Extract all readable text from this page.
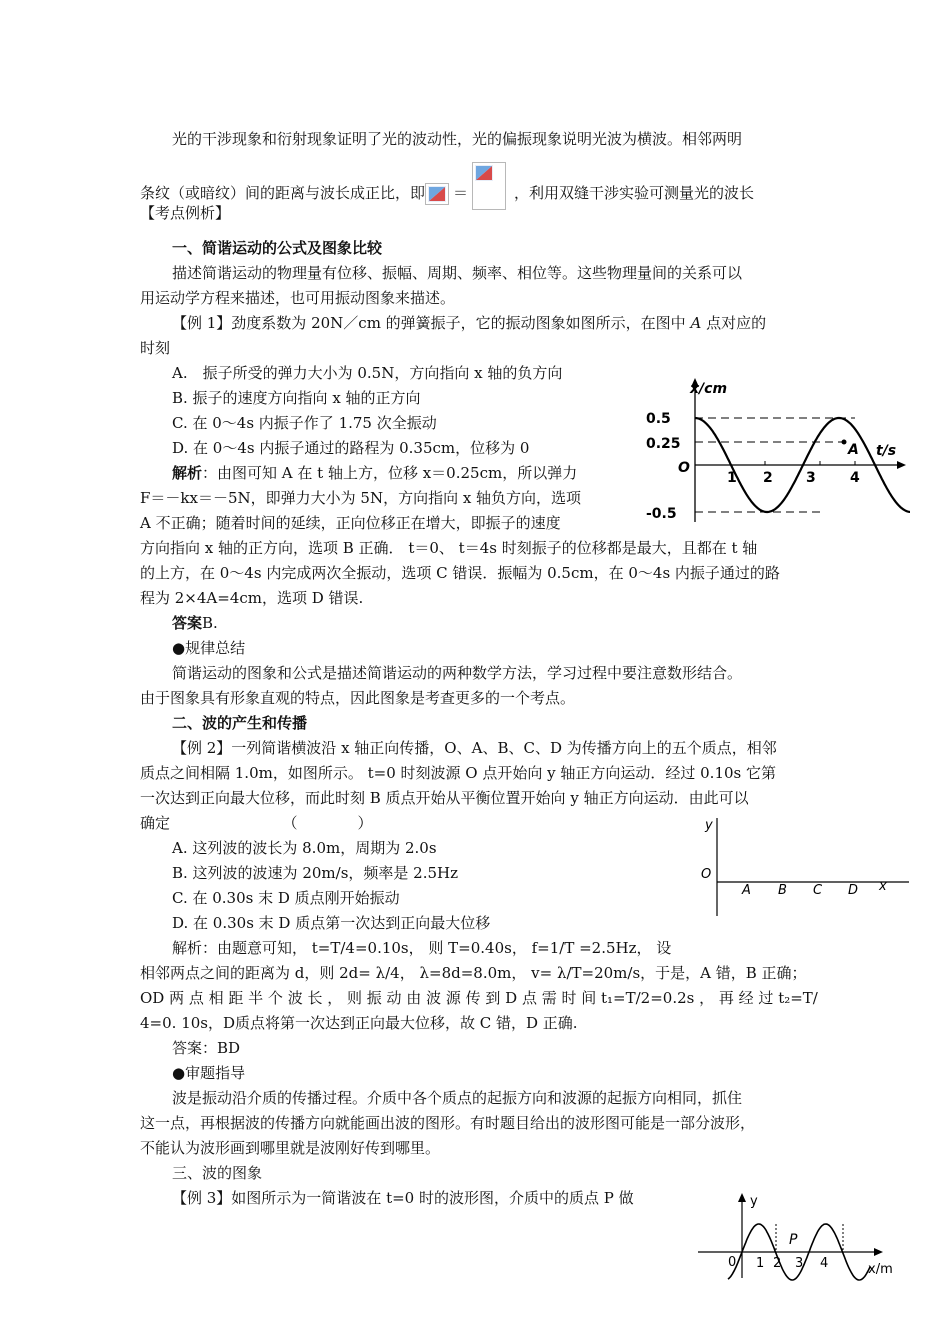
光的干涉现象和衍射现象证明了光的波动性，光的偏振现象说明光波为横波。相邻两明
条纹（或暗纹）间的距离与波长成正比，即 ＝	，利用双缝干涉实验可测量光的波长
【考点例析】
一、简谐运动的公式及图象比较
描述简谐运动的物理量有位移、振幅、周期、频率、相位等。这些物理量间的关系可以
用运动学方程来描述，也可用振动图象来描述。
【例 1】劲度系数为 20N／cm 的弹簧振子，它的振动图象如图所示，在图中 A 点对应的
时刻
A.　振子所受的弹力大小为 0.5N，方向指向 x 轴的负方向
B. 振子的速度方向指向 x 轴的正方向
C. 在 0～4s 内振子作了 1.75 次全振动
D. 在 0～4s 内振子通过的路程为 0.35cm，位移为 0
解析：由图可知 A 在 t 轴上方，位移 x＝0.25cm，所以弹力
F＝－kx＝－5N，即弹力大小为 5N，方向指向 x 轴负方向，选项
A 不正确；随着时间的延续，正向位移正在增大，即振子的速度
方向指向 x 轴的正方向，选项 B 正确． t＝0、 t＝4s 时刻振子的位移都是最大，且都在 t 轴
的上方，在 0～4s 内完成两次全振动，选项 C 错误．振幅为 0.5cm，在 0～4s 内振子通过的路
程为 2×4A=4cm，选项 D 错误.
答案B.
●规律总结
简谐运动的图象和公式是描述简谐运动的两种数学方法，学习过程中要注意数形结合。
由于图象具有形象直观的特点，因此图象是考查更多的一个考点。
x/cm
t/s
0.5
0.25
O
-0.5
A
1 2 3 4
二、波的产生和传播
【例 2】一列简谐横波沿 x 轴正向传播，O、A、B、C、D 为传播方向上的五个质点，相邻
质点之间相隔 1.0m，如图所示。 t=0 时刻波源 O 点开始向 y 轴正方向运动．经过 0.10s 它第
一次达到正向最大位移，而此时刻 B 质点开始从平衡位置开始向 y 轴正方向运动．由此可以
确定　　　　　　　　（　　　　）
A. 这列波的波长为 8.0m，周期为 2.0s
B. 这列波的波速为 20m/s，频率是 2.5Hz
C. 在 0.30s 末 D 质点刚开始振动
D. 在 0.30s 末 D 质点第一次达到正向最大位移
解析：由题意可知， t=T/4=0.10s， 则 T=0.40s， f=1/T =2.5Hz， 设
相邻两点之间的距离为 d，则 2d= λ/4， λ=8d=8.0m， v= λ/T=20m/s，于是，A 错，B 正确；
OD 两 点 相 距 半 个 波 长 ， 则 振 动 由 波 源 传 到 D 点 需 时 间 t₁=T/2=0.2s ， 再 经 过 t₂=T/
4=0. 10s，D质点将第一次达到正向最大位移，故 C 错，D 正确.
答案：BD
●审题指导
波是振动沿介质的传播过程。介质中各个质点的起振方向和波源的起振方向相同，抓住
这一点，再根据波的传播方向就能画出波的图形。有时题目给出的波形图可能是一部分波形，
不能认为波形画到哪里就是波刚好传到哪里。
y
O
A B C D x
三、波的图象
【例 3】如图所示为一简谐波在 t=0 时的波形图，介质中的质点 P 做	y
0 1 2 3 4
P
x/m
